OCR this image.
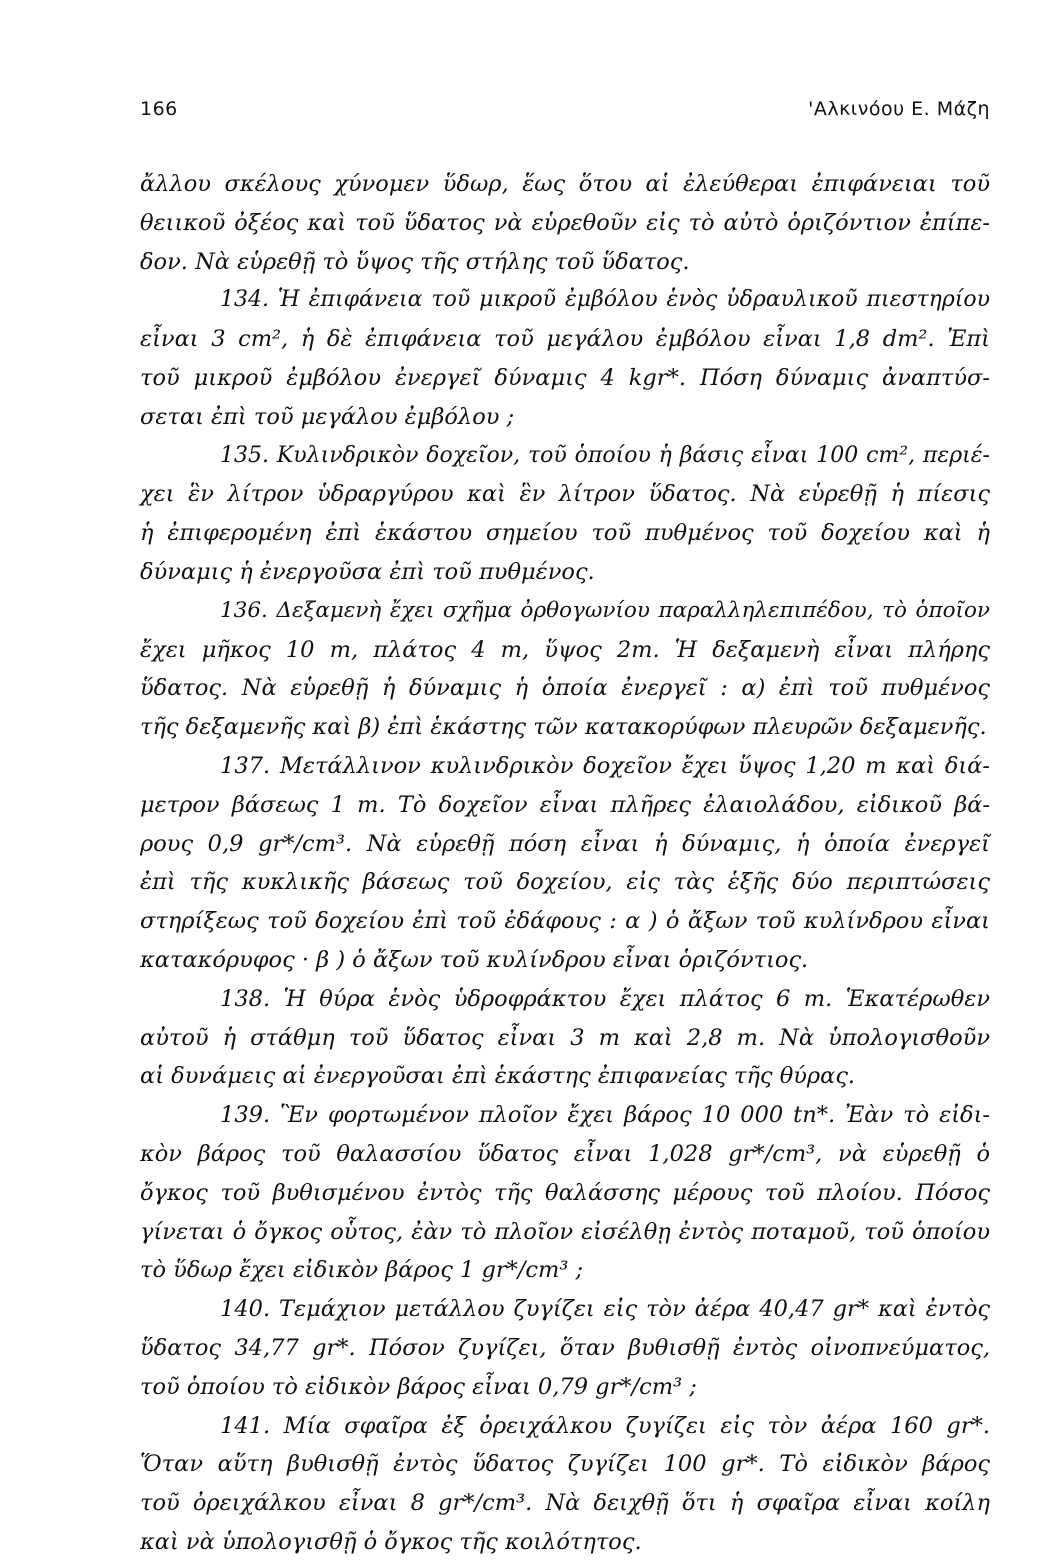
166	'Αλκινόου Ε. Μάζη
ἄλλου σκέλους χύνομεν ὕδωρ, ἕως ὅτου αἱ ἐλεύθεραι ἐπιφάνειαι τοῦ
θειικοῦ ὀξέος καὶ τοῦ ὕδατος νὰ εὑρεθοῦν εἰς τὸ αὐτὸ ὁριζόντιον ἐπίπε-
δον. Νὰ εὑρεθῇ τὸ ὕψος τῆς στήλης τοῦ ὕδατος.
134. Ἡ ἐπιφάνεια τοῦ μικροῦ ἐμβόλου ἑνὸς ὑδραυλικοῦ πιεστηρίου
εἶναι 3 cm², ἡ δὲ ἐπιφάνεια τοῦ μεγάλου ἐμβόλου εἶναι 1,8 dm². Ἐπὶ
τοῦ μικροῦ ἐμβόλου ἐνεργεῖ δύναμις 4 kgr*. Πόση δύναμις ἀναπτύσ-
σεται ἐπὶ τοῦ μεγάλου ἐμβόλου ;
135. Κυλινδρικὸν δοχεῖον, τοῦ ὁποίου ἡ βάσις εἶναι 100 cm², περιέ-
χει ἓν λίτρον ὑδραργύρου καὶ ἓν λίτρον ὕδατος. Νὰ εὑρεθῇ ἡ πίεσις
ἡ ἐπιφερομένη ἐπὶ ἑκάστου σημείου τοῦ πυθμένος τοῦ δοχείου καὶ ἡ
δύναμις ἡ ἐνεργοῦσα ἐπὶ τοῦ πυθμένος.
136. Δεξαμενὴ ἔχει σχῆμα ὀρθογωνίου παραλληλεπιπέδου, τὸ ὁποῖον
ἔχει μῆκος 10 m, πλάτος 4 m, ὕψος 2m. Ἡ δεξαμενὴ εἶναι πλήρης
ὕδατος. Νὰ εὑρεθῇ ἡ δύναμις ἡ ὁποία ἐνεργεῖ : α) ἐπὶ τοῦ πυθμένος
τῆς δεξαμενῆς καὶ β) ἐπὶ ἑκάστης τῶν κατακορύφων πλευρῶν δεξαμενῆς.
137. Μετάλλινον κυλινδρικὸν δοχεῖον ἔχει ὕψος 1,20 m καὶ διά-
μετρον βάσεως 1 m. Τὸ δοχεῖον εἶναι πλῆρες ἐλαιολάδου, εἰδικοῦ βά-
ρους 0,9 gr*/cm³. Νὰ εὑρεθῇ πόση εἶναι ἡ δύναμις, ἡ ὁποία ἐνεργεῖ
ἐπὶ τῆς κυκλικῆς βάσεως τοῦ δοχείου, εἰς τὰς ἑξῆς δύο περιπτώσεις
στηρίξεως τοῦ δοχείου ἐπὶ τοῦ ἐδάφους : α ) ὁ ἄξων τοῦ κυλίνδρου εἶναι
κατακόρυφος · β ) ὁ ἄξων τοῦ κυλίνδρου εἶναι ὁριζόντιος.
138. Ἡ θύρα ἑνὸς ὑδροφράκτου ἔχει πλάτος 6 m. Ἑκατέρωθεν
αὐτοῦ ἡ στάθμη τοῦ ὕδατος εἶναι 3 m καὶ 2,8 m. Νὰ ὑπολογισθοῦν
αἱ δυνάμεις αἱ ἐνεργοῦσαι ἐπὶ ἑκάστης ἐπιφανείας τῆς θύρας.
139. Ἓν φορτωμένον πλοῖον ἔχει βάρος 10 000 tn*. Ἐὰν τὸ εἰδι-
κὸν βάρος τοῦ θαλασσίου ὕδατος εἶναι 1,028 gr*/cm³, νὰ εὑρεθῇ ὁ
ὄγκος τοῦ βυθισμένου ἐντὸς τῆς θαλάσσης μέρους τοῦ πλοίου. Πόσος
γίνεται ὁ ὄγκος οὗτος, ἐὰν τὸ πλοῖον εἰσέλθῃ ἐντὸς ποταμοῦ, τοῦ ὁποίου
τὸ ὕδωρ ἔχει εἰδικὸν βάρος 1 gr*/cm³ ;
140. Τεμάχιον μετάλλου ζυγίζει εἰς τὸν ἀέρα 40,47 gr* καὶ ἐντὸς
ὕδατος 34,77 gr*. Πόσον ζυγίζει, ὅταν βυθισθῇ ἐντὸς οἰνοπνεύματος,
τοῦ ὁποίου τὸ εἰδικὸν βάρος εἶναι 0,79 gr*/cm³ ;
141. Μία σφαῖρα ἐξ ὀρειχάλκου ζυγίζει εἰς τὸν ἀέρα 160 gr*.
Ὅταν αὕτη βυθισθῇ ἐντὸς ὕδατος ζυγίζει 100 gr*. Τὸ εἰδικὸν βάρος
τοῦ ὀρειχάλκου εἶναι 8 gr*/cm³. Νὰ δειχθῇ ὅτι ἡ σφαῖρα εἶναι κοίλη
καὶ νὰ ὑπολογισθῇ ὁ ὄγκος τῆς κοιλότητος.
